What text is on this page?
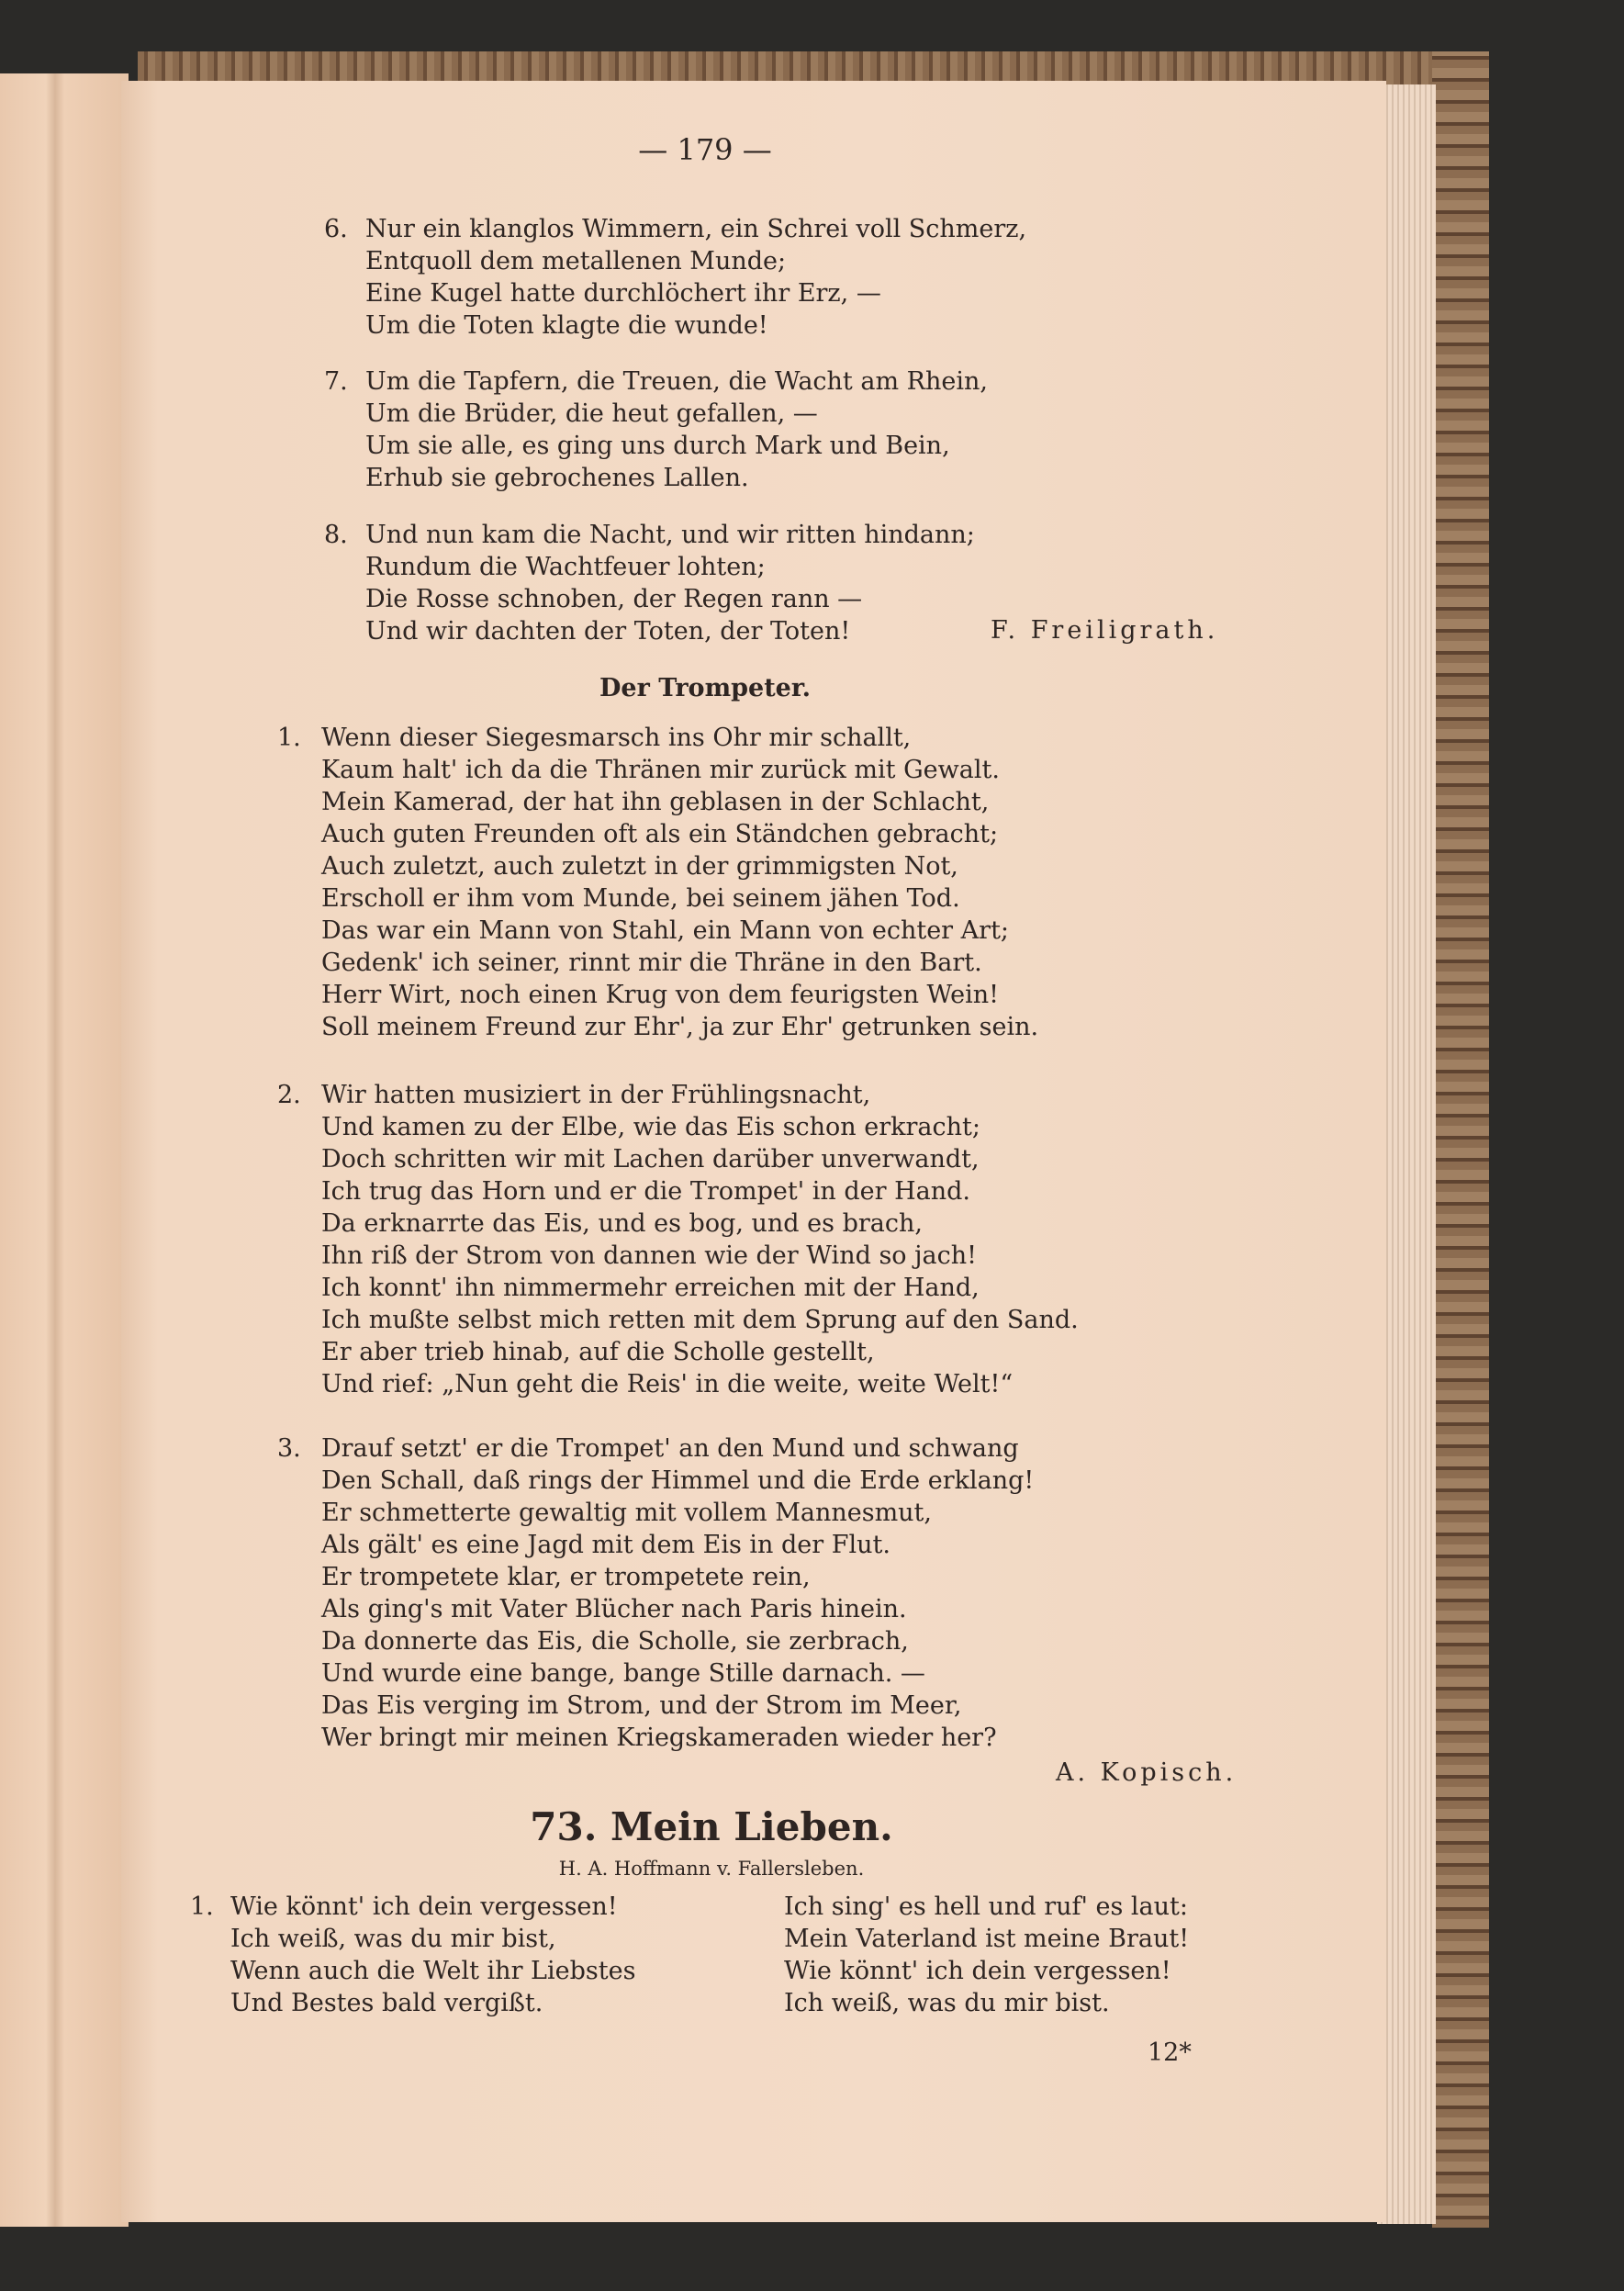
— 179 —
6. Nur ein klanglos Wimmern, ein Schrei voll Schmerz,
Entquoll dem metallenen Munde;
Eine Kugel hatte durchlöchert ihr Erz, —
Um die Toten klagte die wunde!
7. Um die Tapfern, die Treuen, die Wacht am Rhein,
Um die Brüder, die heut gefallen, —
Um sie alle, es ging uns durch Mark und Bein,
Erhub sie gebrochenes Lallen.
8. Und nun kam die Nacht, und wir ritten hindann;
Rundum die Wachtfeuer lohten;
Die Rosse schnoben, der Regen rann —
Und wir dachten der Toten, der Toten!
1. Wenn dieser Siegesmarsch ins Ohr mir schallt,
Kaum halt' ich da die Thränen mir zurück mit Gewalt.
Mein Kamerad, der hat ihn geblasen in der Schlacht,
Auch guten Freunden oft als ein Ständchen gebracht;
Auch zuletzt, auch zuletzt in der grimmigsten Not,
Erscholl er ihm vom Munde, bei seinem jähen Tod.
Das war ein Mann von Stahl, ein Mann von echter Art;
Gedenk' ich seiner, rinnt mir die Thräne in den Bart.
Herr Wirt, noch einen Krug von dem feurigsten Wein!
Soll meinem Freund zur Ehr', ja zur Ehr' getrunken sein.
2. Wir hatten musiziert in der Frühlingsnacht,
Und kamen zu der Elbe, wie das Eis schon erkracht;
Doch schritten wir mit Lachen darüber unverwandt,
Ich trug das Horn und er die Trompet' in der Hand.
Da erknarrte das Eis, und es bog, und es brach,
Ihn riß der Strom von dannen wie der Wind so jach!
Ich konnt' ihn nimmermehr erreichen mit der Hand,
Ich mußte selbst mich retten mit dem Sprung auf den Sand.
Er aber trieb hinab, auf die Scholle gestellt,
Und rief: „Nun geht die Reis' in die weite, weite Welt!“
3. Drauf setzt' er die Trompet' an den Mund und schwang
Den Schall, daß rings der Himmel und die Erde erklang!
Er schmetterte gewaltig mit vollem Mannesmut,
Als gält' es eine Jagd mit dem Eis in der Flut.
Er trompetete klar, er trompetete rein,
Als ging's mit Vater Blücher nach Paris hinein.
Da donnerte das Eis, die Scholle, sie zerbrach,
Und wurde eine bange, bange Stille darnach. —
Das Eis verging im Strom, und der Strom im Meer,
Wer bringt mir meinen Kriegskameraden wieder her?
F. Freiligrath.
Der Trompeter.
A. Kopisch.
73. Mein Lieben.
H. A. Hoffmann v. Fallersleben.
1. Wie könnt' ich dein vergessen!
Ich weiß, was du mir bist,
Wenn auch die Welt ihr Liebstes
Und Bestes bald vergißt.
Ich sing' es hell und ruf' es laut:
Mein Vaterland ist meine Braut!
Wie könnt' ich dein vergessen!
Ich weiß, was du mir bist.
12*
